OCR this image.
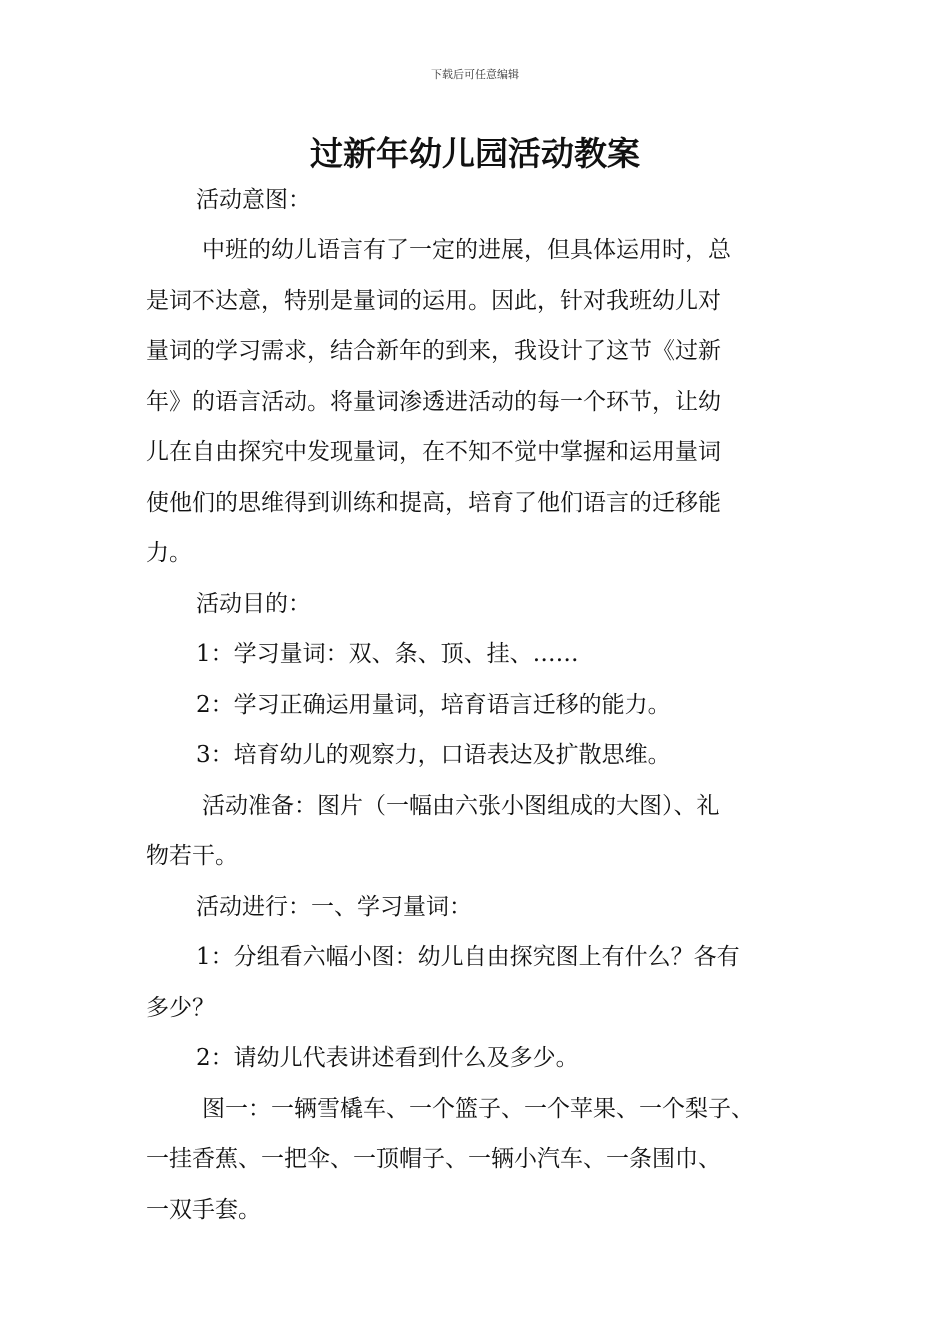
下载后可任意编辑
过新年幼儿园活动教案
活动意图：
中班的幼儿语言有了一定的进展，但具体运用时，总
是词不达意，特别是量词的运用。因此，针对我班幼儿对
量词的学习需求，结合新年的到来，我设计了这节《过新
年》的语言活动。将量词渗透进活动的每一个环节，让幼
儿在自由探究中发现量词，在不知不觉中掌握和运用量词
使他们的思维得到训练和提高，培育了他们语言的迁移能
力。
活动目的：
1：学习量词：双、条、顶、挂、……
2：学习正确运用量词，培育语言迁移的能力。
3：培育幼儿的观察力，口语表达及扩散思维。
活动准备：图片（一幅由六张小图组成的大图）、礼
物若干。
活动进行：一、学习量词：
1：分组看六幅小图：幼儿自由探究图上有什么？各有
多少？
2：请幼儿代表讲述看到什么及多少。
图一：一辆雪橇车、一个篮子、一个苹果、一个梨子、
一挂香蕉、一把伞、一顶帽子、一辆小汽车、一条围巾、
一双手套。
